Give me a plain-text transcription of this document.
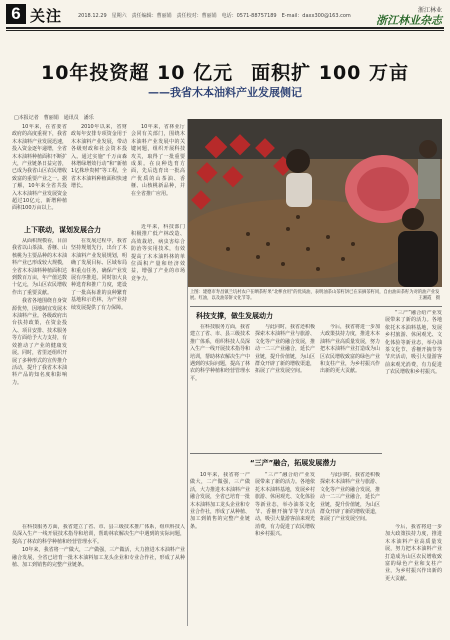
6 关注	2018.12.29　星期六　责任编辑：曹丽娟　责任校对：曹丽娟　电话：0571-88757189　E-mail：daxx300@163.com
浙江林业
浙江林业杂志
10年投资超 10 亿元 面积扩 100 万亩
——我省木本油料产业发展侧记
□本报记者　曹丽娟　通讯员　潘乐

10年来，在省委省政府的高度重视下，我省木本油料产业发展迅速，投入资金逐年递增，全省木本油料种植面积不断扩大，产业链条日益完善，已成为我省山区农民增收致富的重要产业之一。据了解，10年来全省共投入木本油料产业发展资金超过10亿元，新增种植面积100万亩以上。

2010年以来，省财政每年安排专项资金用于木本油料产业发展，带动各级财政和社会资本投入。通过实施“千万亩森林增绿增效行动”和“新植1亿株珍贵树”等工程，全省木本油料种植面积快速增长。

10年来，省林业厅会同有关部门，围绕木本油料产业发展中的关键问题，组织开展科技攻关，取得了一批重要成果。在良种选育方面，先后选育出一批高产优质的山茶油、香榧、山核桃新品种，并在全省推广应用。

上下联动，谋划发展合力

从面积规模看，目前我省以山茶油、香榧、山核桃为主要品种的木本油料产业已形成较大规模，全省木本油料种植面积达到数百万亩，年产值达数十亿元，为山区农民增收作出了重要贡献。

我省各地围绕自身资源优势，因地制宜发展木本油料产业。各级政府出台扶持政策，在资金投入、项目安排、技术服务等方面给予大力支持，有效推动了产业的健康发展。同时，省里还组织开展了多种形式的宣传推介活动，提升了我省木本油料产品的知名度和影响力。

在发展过程中，我省坚持规划先行，出台了木本油料产业发展规划，明确了发展目标、区域布局和重点任务，确保产业发展有序推进。同时加大良种选育和推广力度，建设了一批高标准的良种繁育基地和示范林，为产业持续发展提供了有力保障。

近年来，科技部门积极推广低产林改造、高效栽培、病虫害综合防治等实用技术，有效提高了木本油料林的单位面积产量和经济效益，增强了产业的市场竞争力。

上图：建德市寿昌镇兰坑村农户在晒茶籽果“北榨食用”的优质油，表明油茶山茶籽饼已在采摘茶籽同，自由油田茶籽为对的油产业发展。红油，以及油茶饼文化节等。	王湘霞　摄
科技支撑，做生发展动力

在科技服务方面，我省建立了省、市、县三级技术推广体系，组织科技人员深入生产一线开展技术指导和培训，帮助林农解决生产中遇到的实际问题，提高了林农的科学种植和经营管理水平。

与此同时，我省还积极探索木本油料产业与旅游、文化等产业的融合发展，推动一二三产业融合，延长产业链，提升价值链，为山区群众开辟了新的增收渠道，拓展了产业发展空间。

今后，我省将进一步加大政策扶持力度，推进木本油料产业高质量发展，努力把木本油料产业打造成为山区农民增收致富的绿色产业和支柱产业，为乡村振兴作出新的更大贡献。

“三产”融合给产业发展带来了新的活力。各地依托木本油料基地，发展乡村旅游、休闲观光、文化体验等新业态，举办油茶文化节、香榧开摘节等节庆活动，吸引大量游客前来观光消费，有力促进了农民增收和乡村振兴。

“三产”融合，拓展发展潜力

10年来，我省将一产做大，二产做强，三产做活，大力推进木本油料产业融合发展，全省已培育一批木本油料加工龙头企业和专业合作社，形成了从种植、加工到销售的完整产业链条。

“三产”融合给产业发展带来了新的活力。各地依托木本油料基地，发展乡村旅游、休闲观光、文化体验等新业态，举办油茶文化节、香榧开摘节等节庆活动，吸引大量游客前来观光消费，有力促进了农民增收和乡村振兴。

与此同时，我省还积极探索木本油料产业与旅游、文化等产业的融合发展，推动一二三产业融合，延长产业链，提升价值链，为山区群众开辟了新的增收渠道，拓展了产业发展空间。

今后，我省将进一步加大政策扶持力度，推进木本油料产业高质量发展，努力把木本油料产业打造成为山区农民增收致富的绿色产业和支柱产业，为乡村振兴作出新的更大贡献。

在科技服务方面，我省建立了省、市、县三级技术推广体系，组织科技人员深入生产一线开展技术指导和培训，帮助林农解决生产中遇到的实际问题，提高了林农的科学种植和经营管理水平。

10年来，我省将一产做大，二产做强，三产做活，大力推进木本油料产业融合发展，全省已培育一批木本油料加工龙头企业和专业合作社，形成了从种植、加工到销售的完整产业链条。
